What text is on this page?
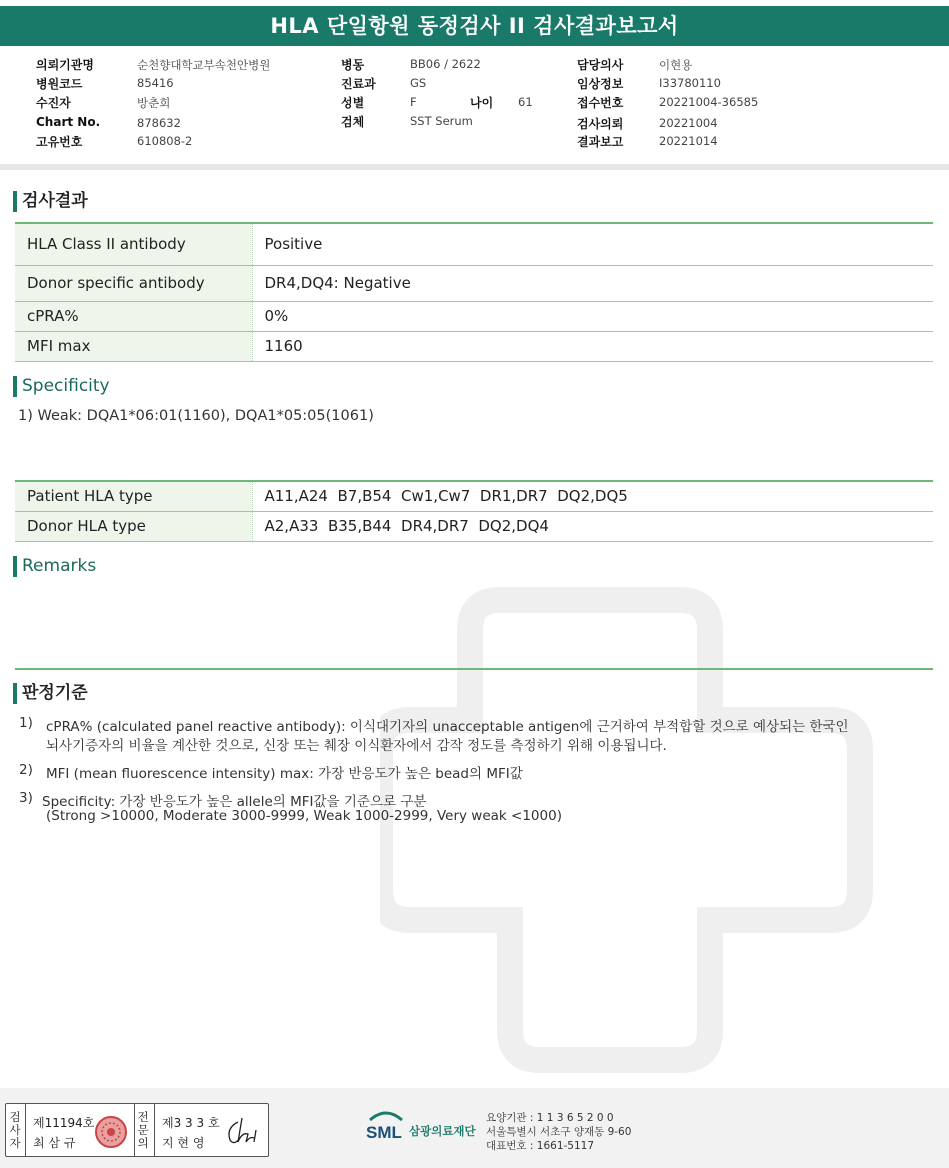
HLA 단일항원 동정검사 II 검사결과보고서
의뢰기관명	순천향대학교부속천안병원
병원코드	85416
수진자	방춘희
Chart No.	878632
고유번호	610808-2
병동	BB06 / 2622
진료과	GS
성별	F	나이 61
검체	SST Serum
담당의사	이현용
임상정보	I33780110
접수번호	20221004-36585
검사의뢰	20221004
결과보고	20221014
검사결과
HLA Class II antibody	Positive
Donor specific antibody	DR4,DQ4: Negative
cPRA%	0%
MFI max	1160
Specificity
1) Weak: DQA1*06:01(1160), DQA1*05:05(1061)
Patient HLA type	A11,A24  B7,B54  Cw1,Cw7  DR1,DR7  DQ2,DQ5
Donor HLA type	A2,A33  B35,B44  DR4,DR7  DQ2,DQ4
Remarks
판정기준
1) cPRA% (calculated panel reactive antibody): 이식대기자의 unacceptable antigen에 근거하여 부적합할 것으로 예상되는 한국인
뇌사기증자의 비율을 계산한 것으로, 신장 또는 췌장 이식환자에서 감작 정도를 측정하기 위해 이용됩니다.
2) MFI (mean fluorescence intensity) max: 가장 반응도가 높은 bead의 MFI값
3) Specificity: 가장 반응도가 높은 allele의 MFI값을 기준으로 구분
(Strong >10000, Moderate 3000-9999, Weak 1000-2999, Very weak <1000)
검
사
자
제11194호
최 삼 규
전
문
의
제3 3 3 호
지 현 영
SML 삼광의료재단
요양기관 : 1 1 3 6 5 2 0 0
서울특별시 서초구 양재동 9-60
대표번호 : 1661-5117
